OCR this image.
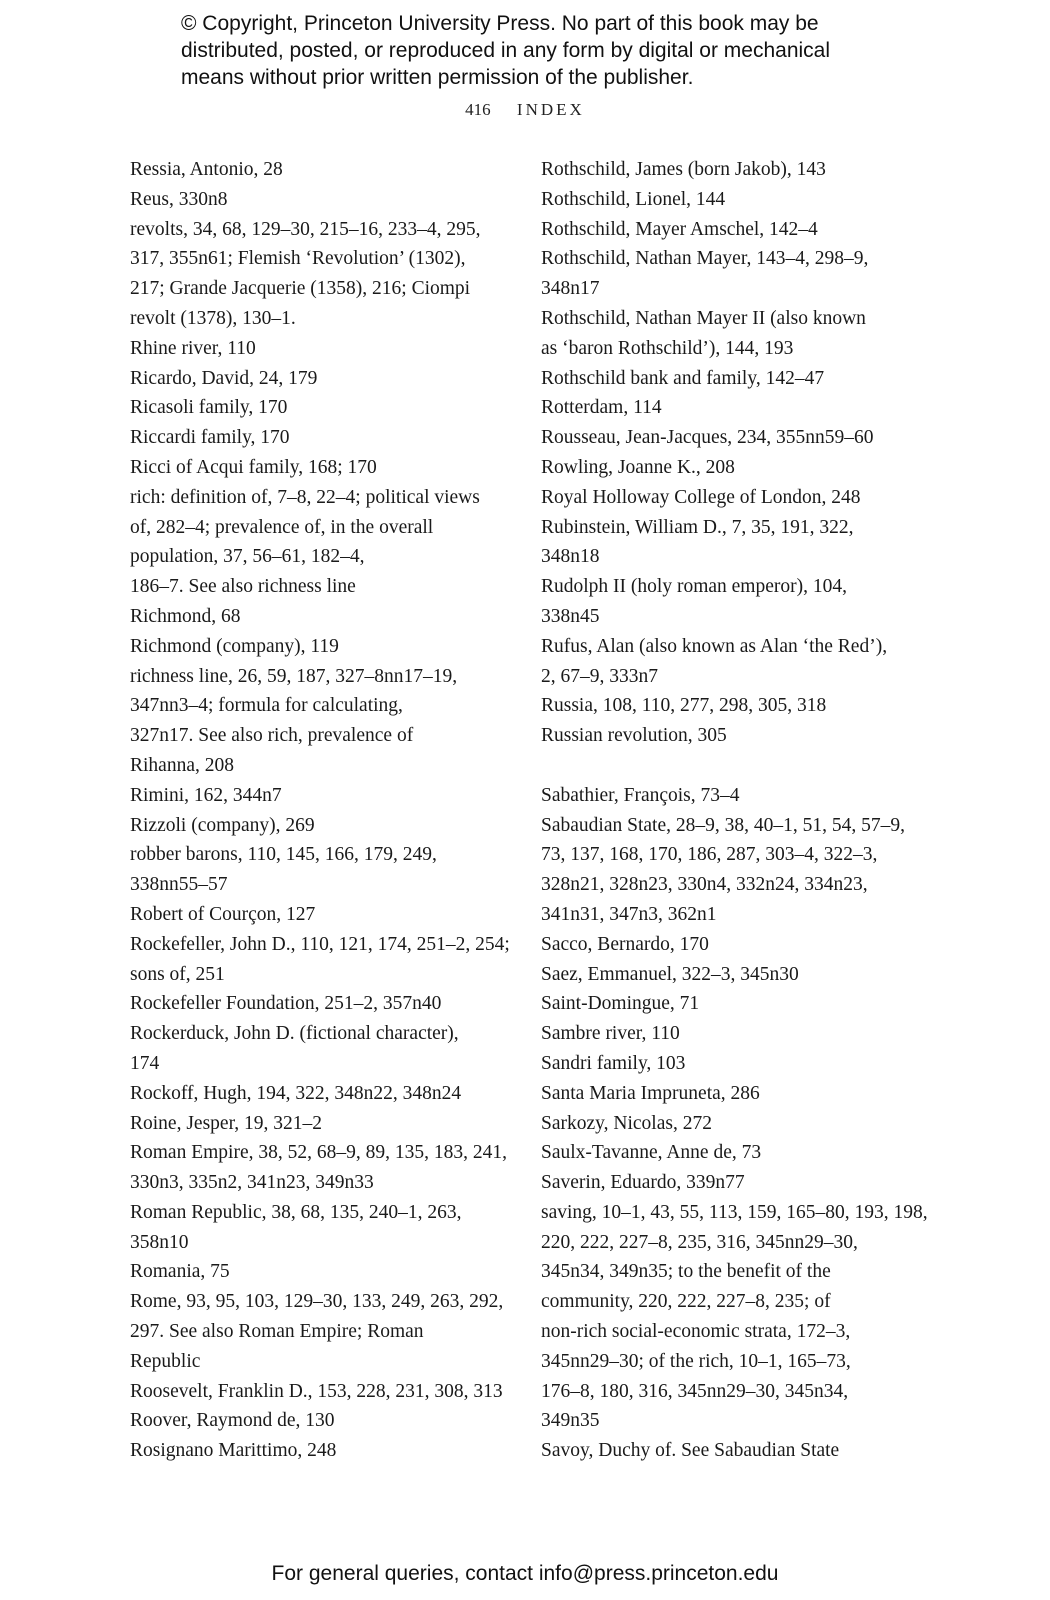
© Copyright, Princeton University Press. No part of this book may be
distributed, posted, or reproduced in any form by digital or mechanical
means without prior written permission of the publisher.
416 INDEX
Ressia, Antonio, 28
Reus, 330n8
revolts, 34, 68, 129–30, 215–16, 233–4, 295,
317, 355n61; Flemish ‘Revolution’ (1302),
217; Grande Jacquerie (1358), 216; Ciompi
revolt (1378), 130–1.
Rhine river, 110
Ricardo, David, 24, 179
Ricasoli family, 170
Riccardi family, 170
Ricci of Acqui family, 168; 170
rich: definition of, 7–8, 22–4; political views
of, 282–4; prevalence of, in the overall
population, 37, 56–61, 182–4,
186–7. See also richness line
Richmond, 68
Richmond (company), 119
richness line, 26, 59, 187, 327–8nn17–19,
347nn3–4; formula for calculating,
327n17. See also rich, prevalence of
Rihanna, 208
Rimini, 162, 344n7
Rizzoli (company), 269
robber barons, 110, 145, 166, 179, 249,
338nn55–57
Robert of Courçon, 127
Rockefeller, John D., 110, 121, 174, 251–2, 254;
sons of, 251
Rockefeller Foundation, 251–2, 357n40
Rockerduck, John D. (fictional character),
174
Rockoff, Hugh, 194, 322, 348n22, 348n24
Roine, Jesper, 19, 321–2
Roman Empire, 38, 52, 68–9, 89, 135, 183, 241,
330n3, 335n2, 341n23, 349n33
Roman Republic, 38, 68, 135, 240–1, 263,
358n10
Romania, 75
Rome, 93, 95, 103, 129–30, 133, 249, 263, 292,
297. See also Roman Empire; Roman
Republic
Roosevelt, Franklin D., 153, 228, 231, 308, 313
Roover, Raymond de, 130
Rosignano Marittimo, 248
Rothschild, James (born Jakob), 143
Rothschild, Lionel, 144
Rothschild, Mayer Amschel, 142–4
Rothschild, Nathan Mayer, 143–4, 298–9,
348n17
Rothschild, Nathan Mayer II (also known
as ‘baron Rothschild’), 144, 193
Rothschild bank and family, 142–47
Rotterdam, 114
Rousseau, Jean-Jacques, 234, 355nn59–60
Rowling, Joanne K., 208
Royal Holloway College of London, 248
Rubinstein, William D., 7, 35, 191, 322,
348n18
Rudolph II (holy roman emperor), 104,
338n45
Rufus, Alan (also known as Alan ‘the Red’),
2, 67–9, 333n7
Russia, 108, 110, 277, 298, 305, 318
Russian revolution, 305
Sabathier, François, 73–4
Sabaudian State, 28–9, 38, 40–1, 51, 54, 57–9,
73, 137, 168, 170, 186, 287, 303–4, 322–3,
328n21, 328n23, 330n4, 332n24, 334n23,
341n31, 347n3, 362n1
Sacco, Bernardo, 170
Saez, Emmanuel, 322–3, 345n30
Saint-Domingue, 71
Sambre river, 110
Sandri family, 103
Santa Maria Impruneta, 286
Sarkozy, Nicolas, 272
Saulx-Tavanne, Anne de, 73
Saverin, Eduardo, 339n77
saving, 10–1, 43, 55, 113, 159, 165–80, 193, 198,
220, 222, 227–8, 235, 316, 345nn29–30,
345n34, 349n35; to the benefit of the
community, 220, 222, 227–8, 235; of
non-rich social-economic strata, 172–3,
345nn29–30; of the rich, 10–1, 165–73,
176–8, 180, 316, 345nn29–30, 345n34,
349n35
Savoy, Duchy of. See Sabaudian State
For general queries, contact info@press.princeton.edu
